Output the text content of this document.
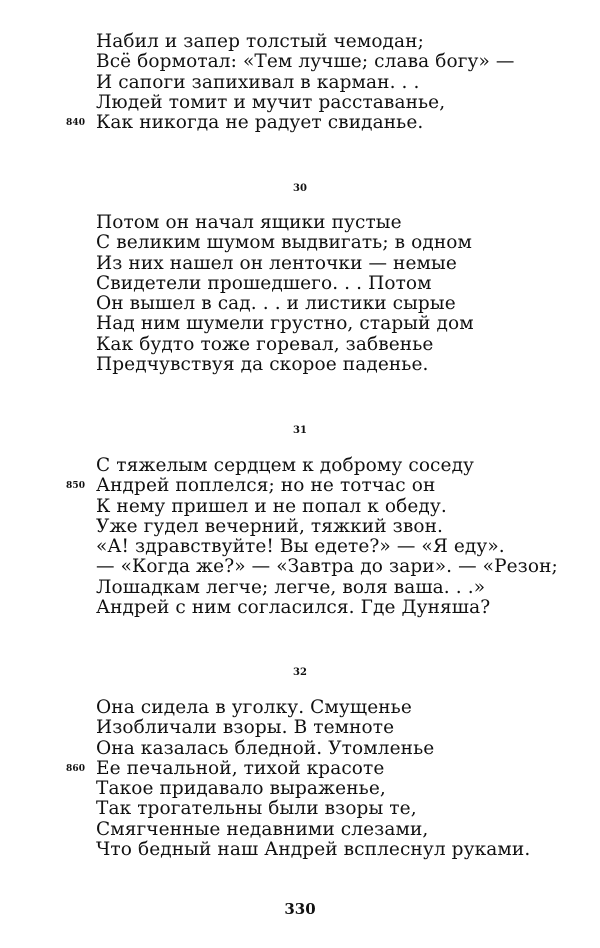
Набил и запер толстый чемодан;
Всё бормотал: «Тем лучше; слава богу» —
И сапоги запихивал в карман. . .
Людей томит и мучит расставанье,
840 Как никогда не радует свиданье.
30
Потом он начал ящики пустые
С великим шумом выдвигать; в одном
Из них нашел он ленточки — немые
Свидетели прошедшего. . . Потом
Он вышел в сад. . . и листики сырые
Над ним шумели грустно, старый дом
Как будто тоже горевал, забвенье
Предчувствуя да скорое паденье.
31
С тяжелым сердцем к доброму соседу
850 Андрей поплелся; но не тотчас он
К нему пришел и не попал к обеду.
Уже гудел вечерний, тяжкий звон.
«А! здравствуйте! Вы едете?» — «Я еду».
— «Когда же?» — «Завтра до зари». — «Резон;
Лошадкам легче; легче, воля ваша. . .»
Андрей с ним согласился. Где Дуняша?
32
Она сидела в уголку. Смущенье
Изобличали взоры. В темноте
Она казалась бледной. Утомленье
860 Ее печальной, тихой красоте
Такое придавало выраженье,
Так трогательны были взоры те,
Смягченные недавними слезами,
Что бедный наш Андрей всплеснул руками.
330
